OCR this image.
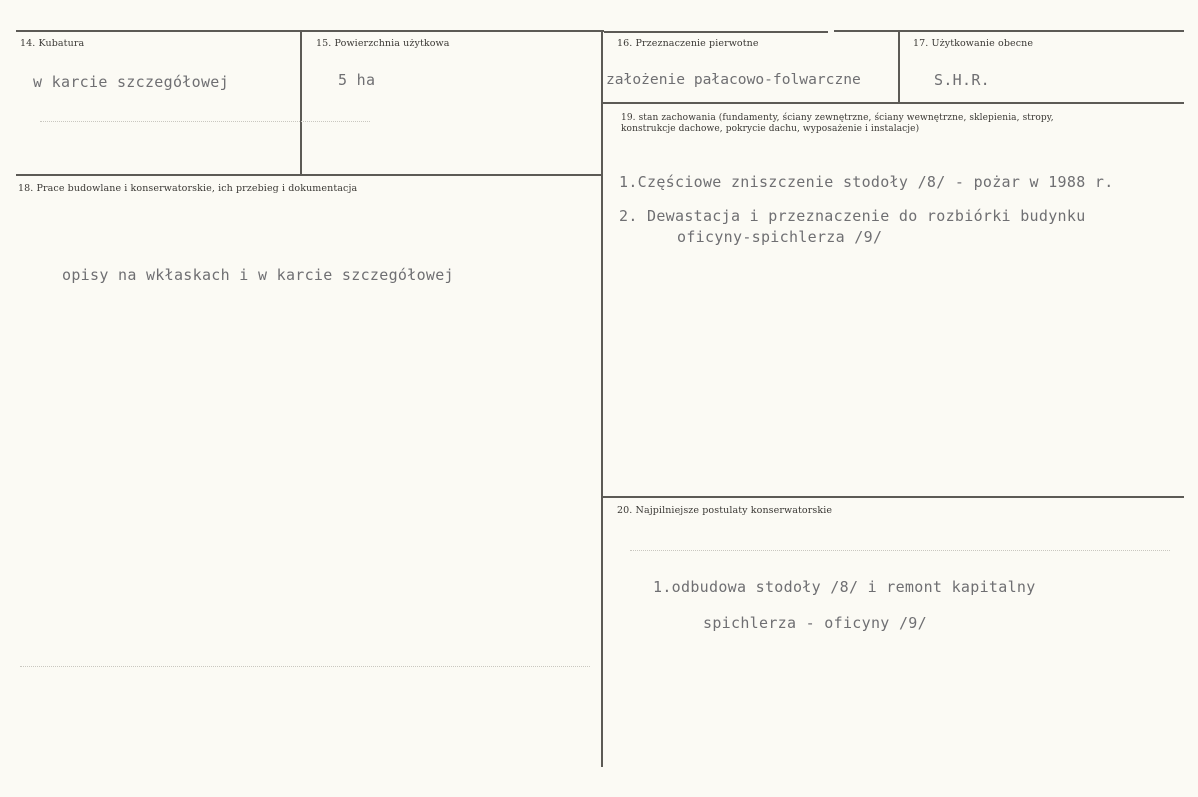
14. Kubatura
w karcie szczegółowej
15. Powierzchnia użytkowa
5 ha
16. Przeznaczenie pierwotne
założenie pałacowo-folwarczne
17. Użytkowanie obecne
S.H.R.
18. Prace budowlane i konserwatorskie, ich przebieg i dokumentacja
opisy na wkłaskach i w karcie szczegółowej
19. stan zachowania (fundamenty, ściany zewnętrzne, ściany wewnętrzne, sklepienia, stropy,
konstrukcje dachowe, pokrycie dachu, wyposażenie i instalacje)
1.Częściowe zniszczenie stodoły /8/ - pożar w 1988 r.
2. Dewastacja i przeznaczenie do rozbiórki budynku
oficyny-spichlerza /9/
20. Najpilniejsze postulaty konserwatorskie
1.odbudowa stodoły /8/ i remont kapitalny
spichlerza - oficyny /9/
